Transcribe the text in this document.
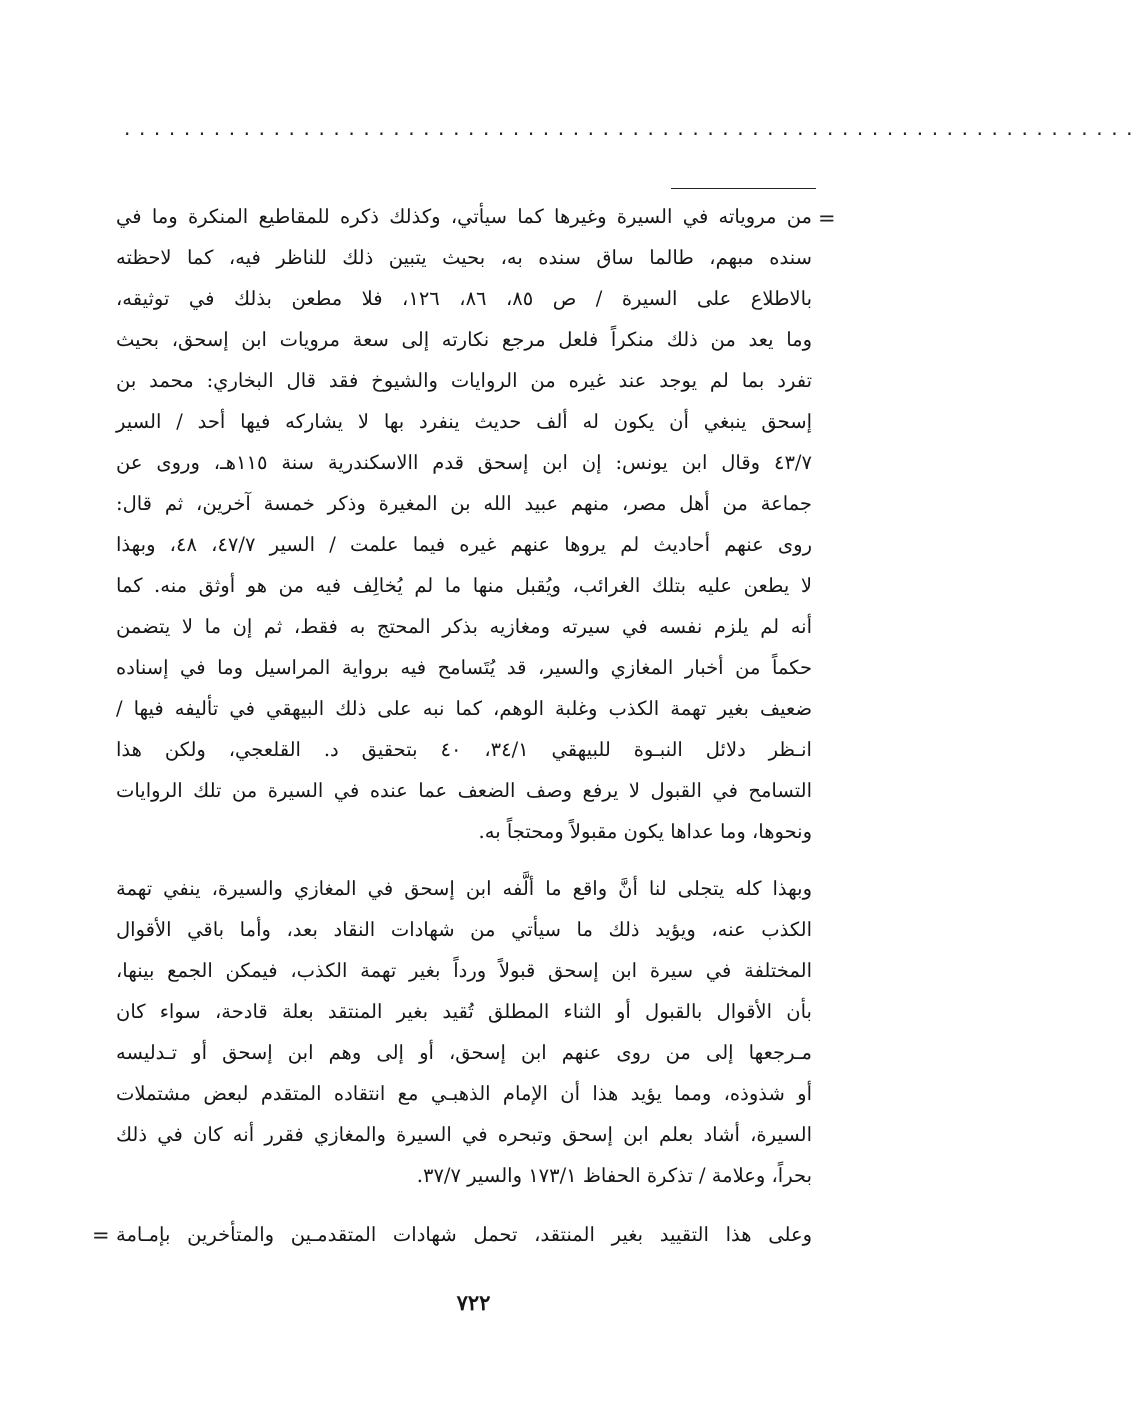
....................................................................
=
=
من مروياته في السيرة وغيرها كما سيأتي، وكذلك ذكره للمقاطيع المنكرة وما في
سنده مبهم، طالما ساق سنده به، بحيث يتبين ذلك للناظر فيه، كما لاحظته
بالاطلاع على السيرة / ص ٨٥، ٨٦، ١٢٦، فلا مطعن بذلك في توثيقه،
وما يعد من ذلك منكراً فلعل مرجع نكارته إلى سعة مرويات ابن إسحق، بحيث
تفرد بما لم يوجد عند غيره من الروايات والشيوخ فقد قال البخاري: محمد بن
إسحق ينبغي أن يكون له ألف حديث ينفرد بها لا يشاركه فيها أحد / السير
٤٣/٧ وقال ابن يونس: إن ابن إسحق قدم االاسكندرية سنة ١١٥هـ، وروى عن
جماعة من أهل مصر، منهم عبيد الله بن المغيرة وذكر خمسة آخرين، ثم قال:
روى عنهم أحاديث لم يروها عنهم غيره فيما علمت / السير ٤٧/٧، ٤٨، وبهذا
لا يطعن عليه بتلك الغرائب، ويُقبل منها ما لم يُخالِف فيه من هو أوثق منه. كما
أنه لم يلزم نفسه في سيرته ومغازيه بذكر المحتج به فقط، ثم إن ما لا يتضمن
حكماً من أخبار المغازي والسير، قد يُتَسامح فيه برواية المراسيل وما في إسناده
ضعيف بغير تهمة الكذب وغلبة الوهم، كما نبه على ذلك البيهقي في تأليفه فيها /
انـظر دلائل النبـوة للبيهقي ٣٤/١، ٤٠ بتحقيق د. القلعجي، ولكن هذا
التسامح في القبول لا يرفع وصف الضعف عما عنده في السيرة من تلك الروايات
ونحوها، وما عداها يكون مقبولاً ومحتجاً به.
وبهذا كله يتجلى لنا أنَّ واقع ما ألَّفه ابن إسحق في المغازي والسيرة، ينفي تهمة
الكذب عنه، ويؤيد ذلك ما سيأتي من شهادات النقاد بعد، وأما باقي الأقوال
المختلفة في سيرة ابن إسحق قبولاً ورداً بغير تهمة الكذب، فيمكن الجمع بينها،
بأن الأقوال بالقبول أو الثناء المطلق تُقيد بغير المنتقد بعلة قادحة، سواء كان
مـرجعها إلى من روى عنهم ابن إسحق، أو إلى وهم ابن إسحق أو تـدليسه
أو شذوذه، ومما يؤيد هذا أن الإمام الذهبـي مع انتقاده المتقدم لبعض مشتملات
السيرة، أشاد بعلم ابن إسحق وتبحره في السيرة والمغازي فقرر أنه كان في ذلك
بحراً، وعلامة / تذكرة الحفاظ ١٧٣/١ والسير ٣٧/٧.
وعلى هذا التقييد بغير المنتقد، تحمل شهادات المتقدمـين والمتأخرين بإمـامة
٧٢٢
